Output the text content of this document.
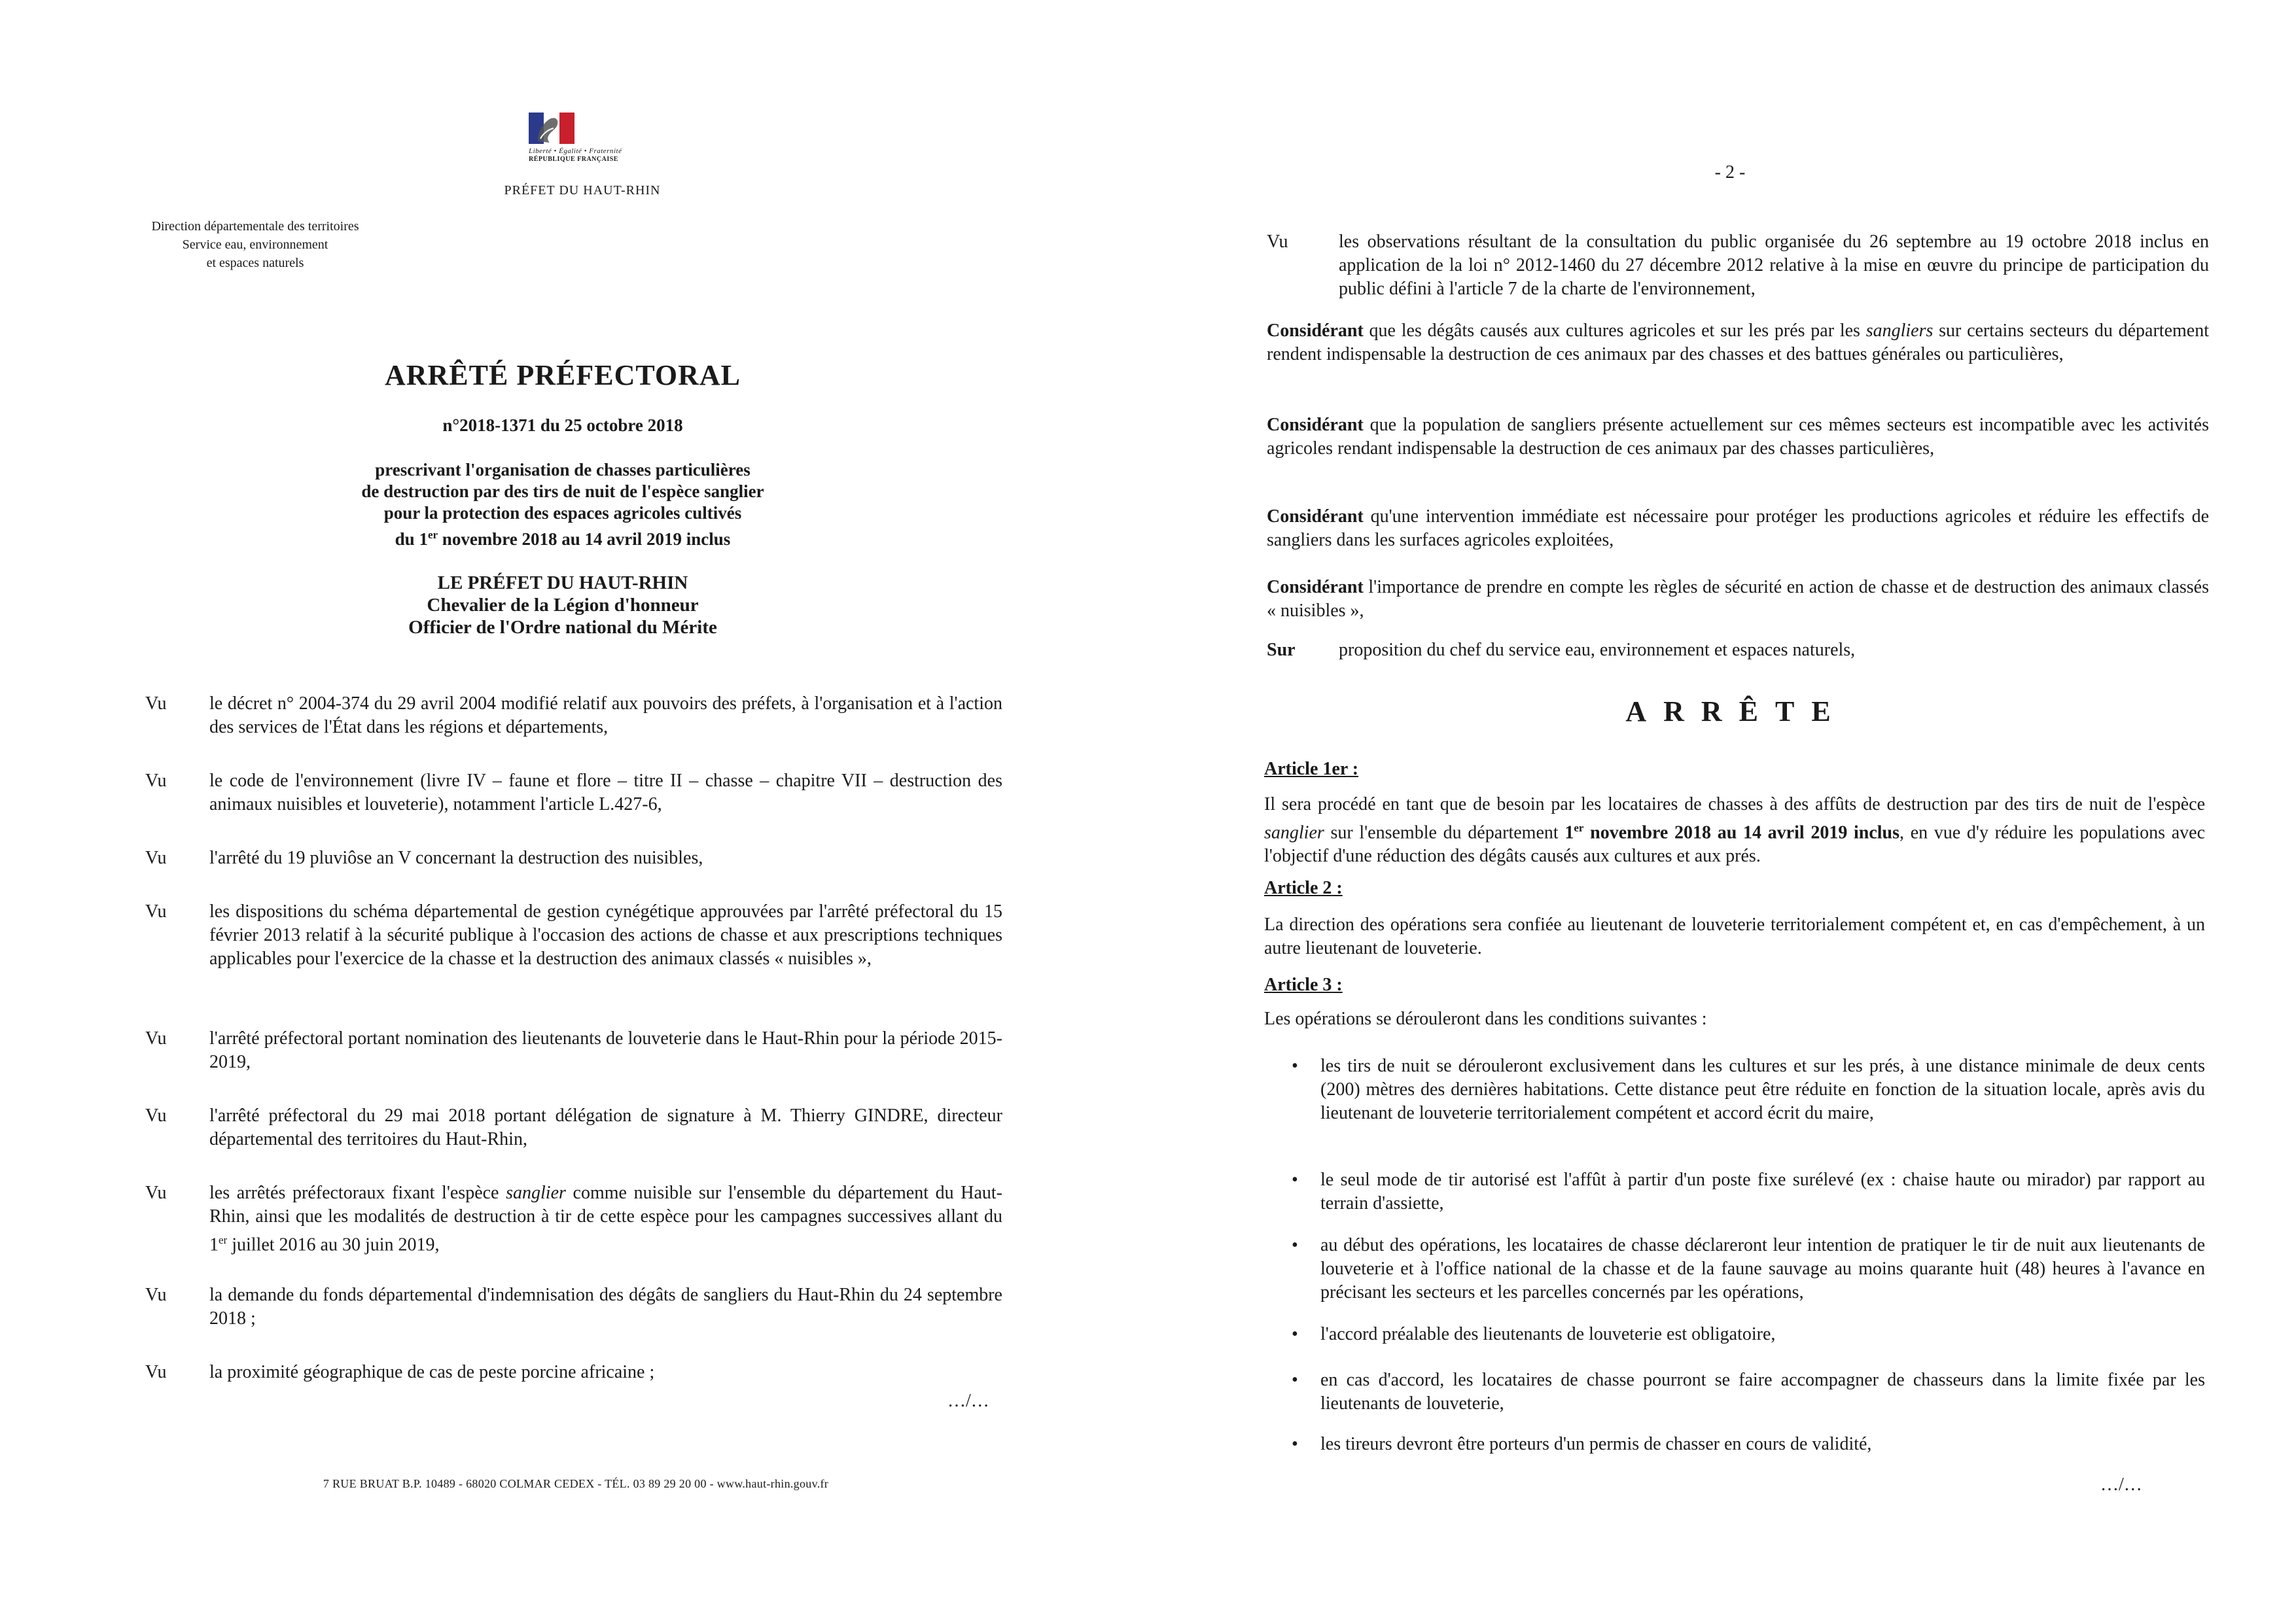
Liberté • Égalité • Fraternité
RÉPUBLIQUE FRANÇAISE
PRÉFET DU HAUT-RHIN
Direction départementale des territoires
Service eau, environnement
et espaces naturels
ARRÊTÉ PRÉFECTORAL
n°2018-1371 du 25 octobre 2018
prescrivant l'organisation de chasses particulières
de destruction par des tirs de nuit de l'espèce sanglier
pour la protection des espaces agricoles cultivés
du 1er novembre 2018 au 14 avril 2019 inclus
LE PRÉFET DU HAUT-RHIN
Chevalier de la Légion d'honneur
Officier de l'Ordre national du Mérite
Vu le décret n° 2004-374 du 29 avril 2004 modifié relatif aux pouvoirs des préfets, à l'organisation et à l'action des services de l'État dans les régions et départements,

Vu le code de l'environnement (livre IV – faune et flore – titre II – chasse – chapitre VII – destruction des animaux nuisibles et louveterie), notamment l'article L.427-6,

Vu l'arrêté du 19 pluviôse an V concernant la destruction des nuisibles,

Vu les dispositions du schéma départemental de gestion cynégétique approuvées par l'arrêté préfectoral du 15 février 2013 relatif à la sécurité publique à l'occasion des actions de chasse et aux prescriptions techniques applicables pour l'exercice de la chasse et la destruction des animaux classés « nuisibles »,

Vu l'arrêté préfectoral portant nomination des lieutenants de louveterie dans le Haut-Rhin pour la période 2015-2019,

Vu l'arrêté préfectoral du 29 mai 2018 portant délégation de signature à M. Thierry GINDRE, directeur départemental des territoires du Haut-Rhin,

Vu les arrêtés préfectoraux fixant l'espèce sanglier comme nuisible sur l'ensemble du département du Haut-Rhin, ainsi que les modalités de destruction à tir de cette espèce pour les campagnes successives allant du 1er juillet 2016 au 30 juin 2019,

Vu la demande du fonds départemental d'indemnisation des dégâts de sangliers du Haut-Rhin du 24 septembre 2018 ;

Vu la proximité géographique de cas de peste porcine africaine ;

…/…
7 RUE BRUAT B.P. 10489 - 68020 COLMAR CEDEX - TÉL. 03 89 29 20 00 - www.haut-rhin.gouv.fr
- 2 -
Vu	les observations résultant de la consultation du public organisée du 26 septembre au 19 octobre 2018 inclus en application de la loi n° 2012-1460 du 27 décembre 2012 relative à la mise en œuvre du principe de participation du public défini à l'article 7 de la charte de l'environnement,

Considérant que les dégâts causés aux cultures agricoles et sur les prés par les sangliers sur certains secteurs du département rendent indispensable la destruction de ces animaux par des chasses et des battues générales ou particulières,

Considérant que la population de sangliers présente actuellement sur ces mêmes secteurs est incompatible avec les activités agricoles rendant indispensable la destruction de ces animaux par des chasses particulières,

Considérant qu'une intervention immédiate est nécessaire pour protéger les productions agricoles et réduire les effectifs de sangliers dans les surfaces agricoles exploitées,

Considérant l'importance de prendre en compte les règles de sécurité en action de chasse et de destruction des animaux classés « nuisibles »,

Sur proposition du chef du service eau, environnement et espaces naturels,

ARRÊTE
Article 1er :

Il sera procédé en tant que de besoin par les locataires de chasses à des affûts de destruction par des tirs de nuit de l'espèce sanglier sur l'ensemble du département 1er novembre 2018 au 14 avril 2019 inclus, en vue d'y réduire les populations avec l'objectif d'une réduction des dégâts causés aux cultures et aux prés.

Article 2 :

La direction des opérations sera confiée au lieutenant de louveterie territorialement compétent et, en cas d'empêchement, à un autre lieutenant de louveterie.

Article 3 :

Les opérations se dérouleront dans les conditions suivantes :

• les tirs de nuit se dérouleront exclusivement dans les cultures et sur les prés, à une distance minimale de deux cents (200) mètres des dernières habitations. Cette distance peut être réduite en fonction de la situation locale, après avis du lieutenant de louveterie territorialement compétent et accord écrit du maire,

• le seul mode de tir autorisé est l'affût à partir d'un poste fixe surélevé (ex : chaise haute ou mirador) par rapport au terrain d'assiette,

• au début des opérations, les locataires de chasse déclareront leur intention de pratiquer le tir de nuit aux lieutenants de louveterie et à l'office national de la chasse et de la faune sauvage au moins quarante huit (48) heures à l'avance en précisant les secteurs et les parcelles concernés par les opérations,

• l'accord préalable des lieutenants de louveterie est obligatoire,

• en cas d'accord, les locataires de chasse pourront se faire accompagner de chasseurs dans la limite fixée par les lieutenants de louveterie,

• les tireurs devront être porteurs d'un permis de chasser en cours de validité,

…/…
